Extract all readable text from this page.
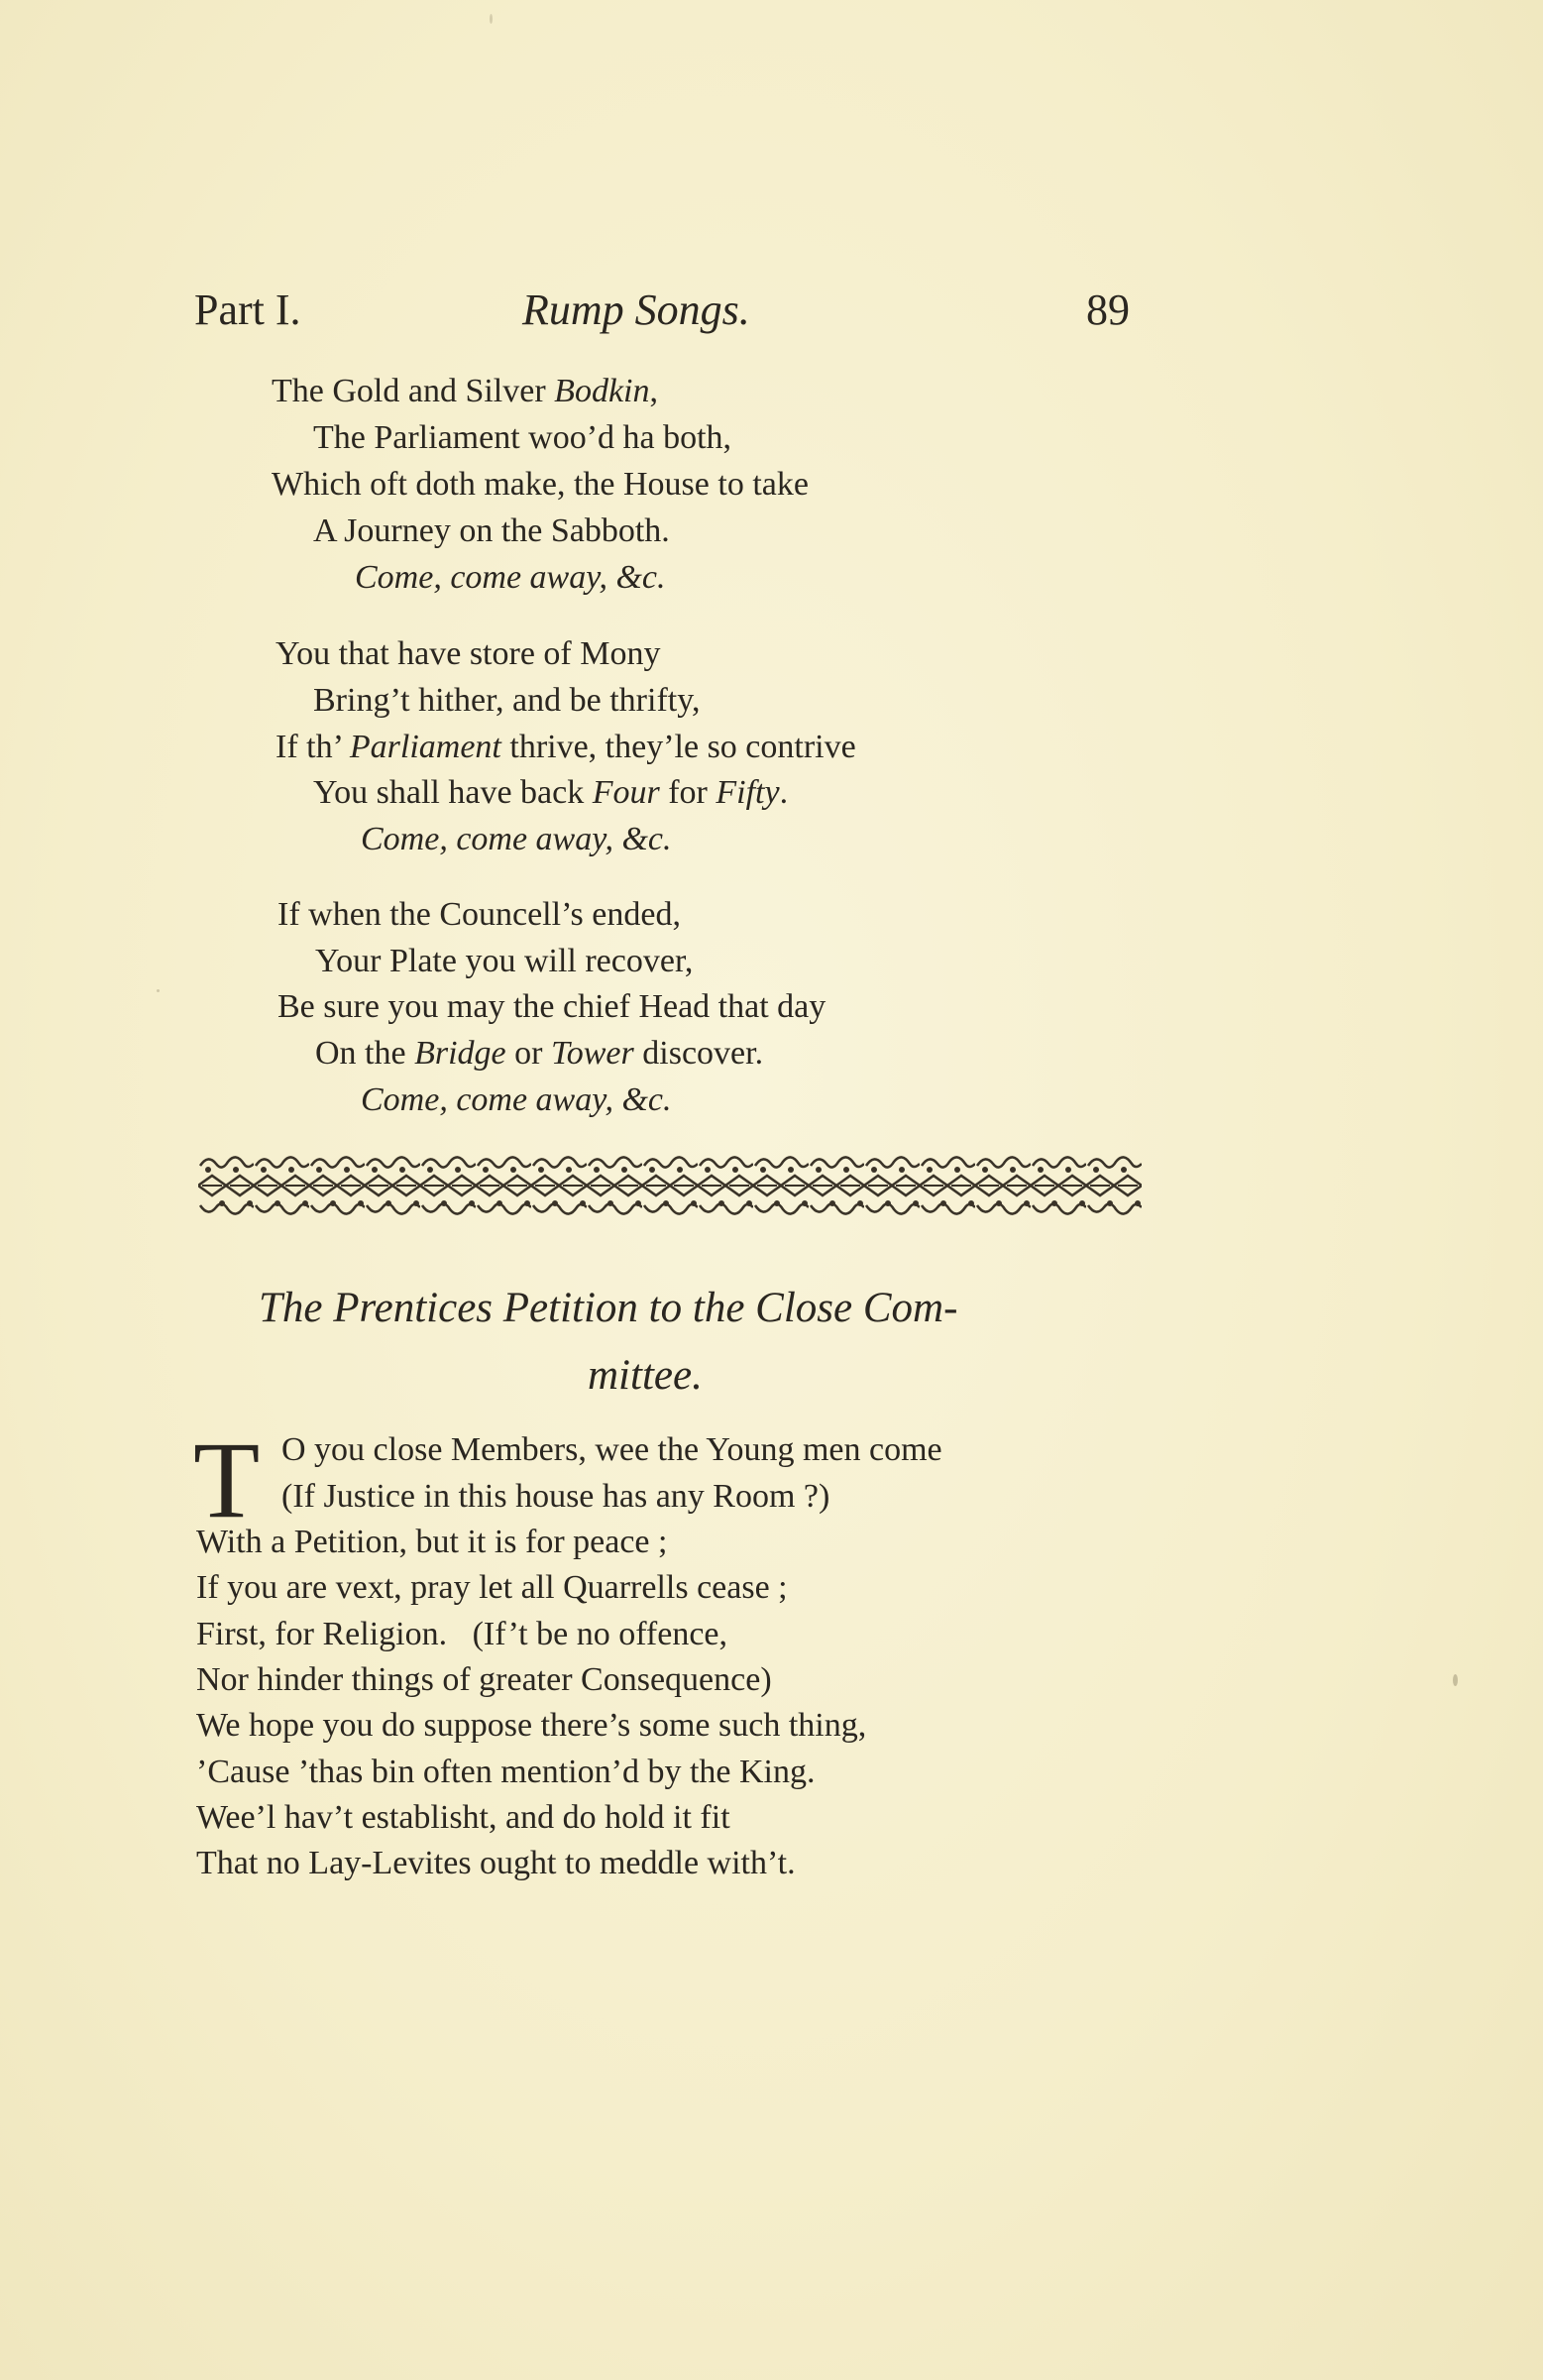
Part I.	Rump Songs.	89
The Gold and Silver Bodkin,
The Parliament woo’d ha both,
Which oft doth make, the House to take
A Journey on the Sabboth.
Come, come away, &c.
You that have store of Mony
Bring’t hither, and be thrifty,
If th’ Parliament thrive, they’le so contrive
You shall have back Four for Fifty.
Come, come away, &c.
If when the Councell’s ended,
Your Plate you will recover,
Be sure you may the chief Head that day
On the Bridge or Tower discover.
Come, come away, &c.
The Prentices Petition to the Close Com-
mittee.
T O you close Members, wee the Young men come
(If Justice in this house has any Room ?)
With a Petition, but it is for peace ;
If you are vext, pray let all Quarrells cease ;
First, for Religion.   (If’t be no offence,
Nor hinder things of greater Consequence)
We hope you do suppose there’s some such thing,
’Cause ’thas bin often mention’d by the King.
Wee’l hav’t establisht, and do hold it fit
That no Lay-Levites ought to meddle with’t.
